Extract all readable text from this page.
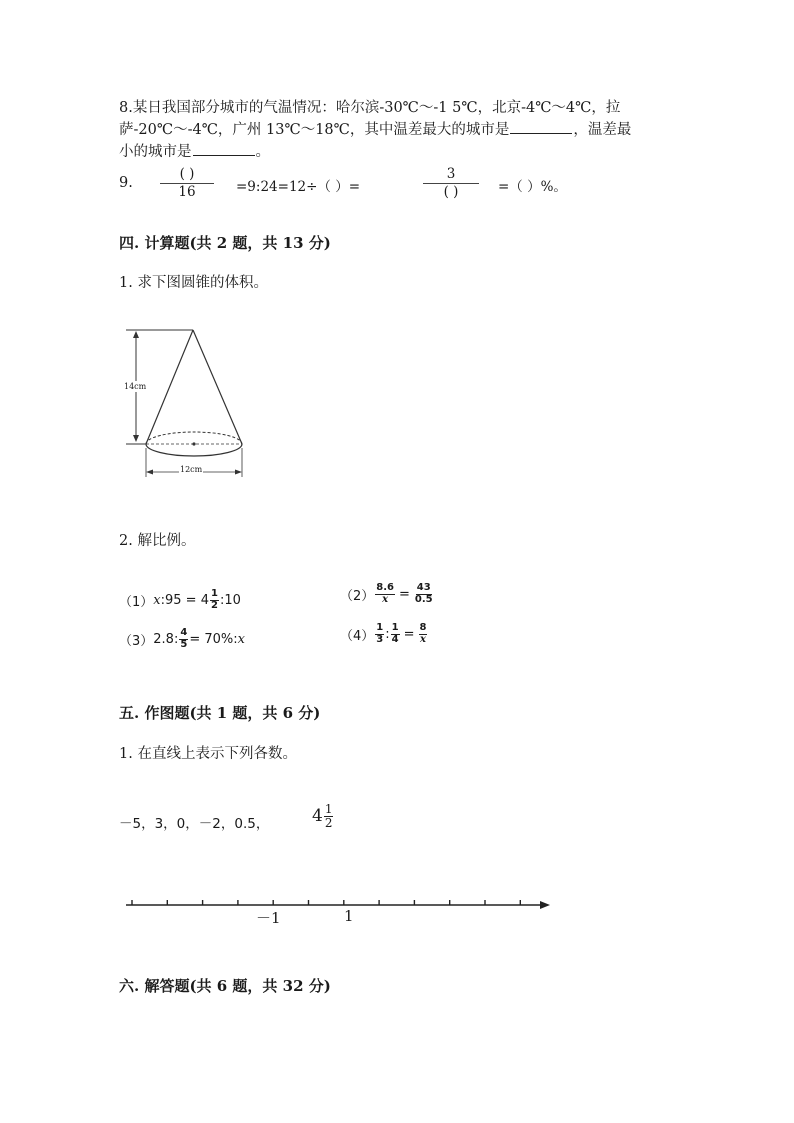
8.某日我国部分城市的气温情况：哈尔滨-30℃～-1 5℃，北京-4℃～4℃，拉
萨-20℃～-4℃，广州 13℃～18℃，其中温差最大的城市是	，温差最
小的城市是	。
9.
( )
16	=9:24=12÷（ ）=
3
( )	=（ ）%。
四. 计算题(共 2 题，共 13 分)
1. 求下图圆锥的体积。
14cm
12cm
2. 解比例。
（1） x :95 = $4 \frac{1}{2}$ :10	$(2) \frac{8.6}{x} = \frac{43}{0.5}$
（3） 2.8: $\frac{4}{5} = 70\%$: x	$(4) \frac{1}{3}$ : $\frac{1}{4} = \frac{8}{x}$
五. 作图题(共 1 题，共 6 分)
1. 在直线上表示下列各数。
－5，3，0，－2，0.5，	4 1
2
－1	1
六. 解答题(共 6 题，共 32 分)
